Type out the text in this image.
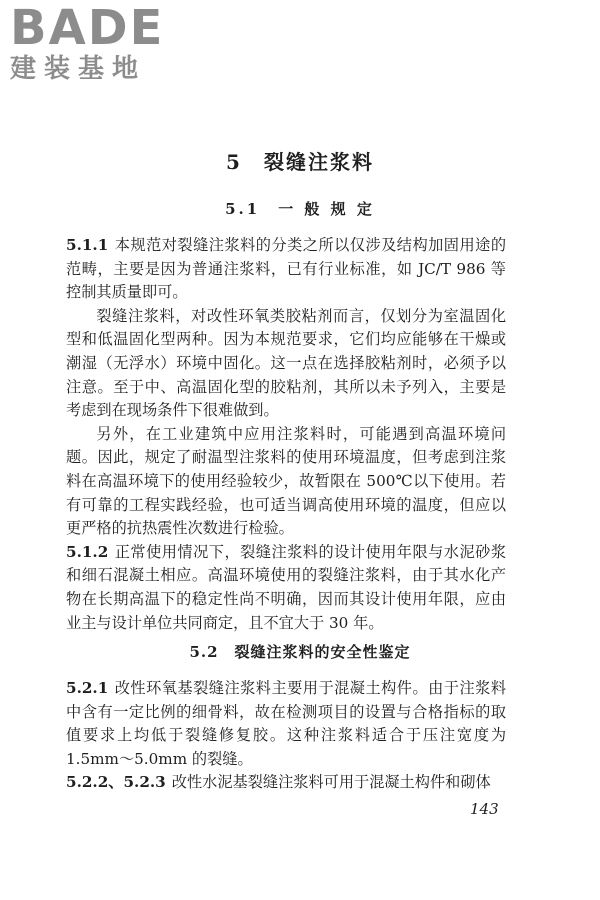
BADE
建装基地
5　裂缝注浆料
5.1　一 般 规 定

5.1.1 本规范对裂缝注浆料的分类之所以仅涉及结构加固用途的范畴，主要是因为普通注浆料，已有行业标准，如 JC/T 986 等控制其质量即可。

裂缝注浆料，对改性环氧类胶粘剂而言，仅划分为室温固化型和低温固化型两种。因为本规范要求，它们均应能够在干燥或潮湿（无浮水）环境中固化。这一点在选择胶粘剂时，必须予以注意。至于中、高温固化型的胶粘剂，其所以未予列入，主要是考虑到在现场条件下很难做到。

另外，在工业建筑中应用注浆料时，可能遇到高温环境问题。因此，规定了耐温型注浆料的使用环境温度，但考虑到注浆料在高温环境下的使用经验较少，故暂限在 500℃以下使用。若有可靠的工程实践经验，也可适当调高使用环境的温度，但应以更严格的抗热震性次数进行检验。

5.1.2 正常使用情况下，裂缝注浆料的设计使用年限与水泥砂浆和细石混凝土相应。高温环境使用的裂缝注浆料，由于其水化产物在长期高温下的稳定性尚不明确，因而其设计使用年限，应由业主与设计单位共同商定，且不宜大于 30 年。

5.2　裂缝注浆料的安全性鉴定

5.2.1 改性环氧基裂缝注浆料主要用于混凝土构件。由于注浆料中含有一定比例的细骨料，故在检测项目的设置与合格指标的取值要求上均低于裂缝修复胶。这种注浆料适合于压注宽度为 1.5mm～5.0mm 的裂缝。

5.2.2、5.2.3 改性水泥基裂缝注浆料可用于混凝土构件和砌体

143
